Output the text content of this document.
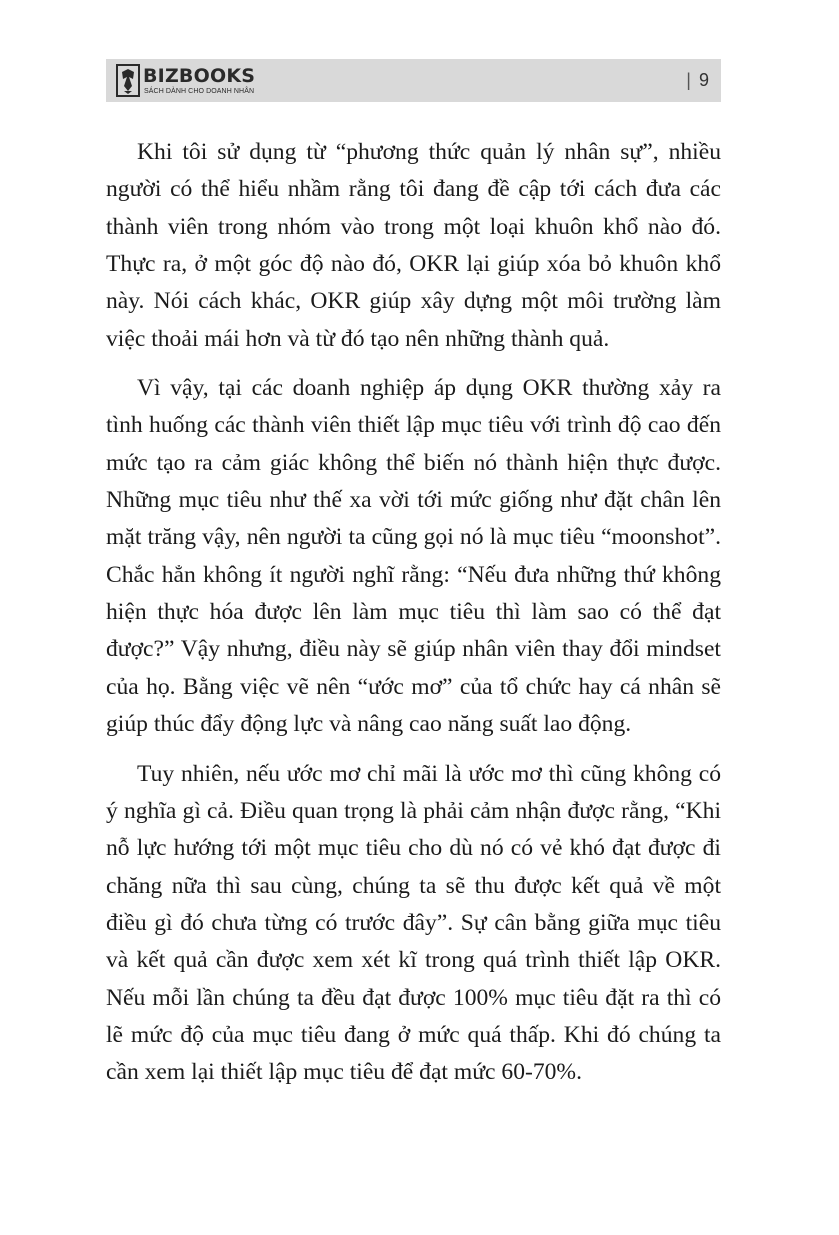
BIZBOOKS
SÁCH DÀNH CHO DOANH NHÂN
| 9

Khi tôi sử dụng từ “phương thức quản lý nhân sự”, nhiều người có thể hiểu nhầm rằng tôi đang đề cập tới cách đưa các thành viên trong nhóm vào trong một loại khuôn khổ nào đó. Thực ra, ở một góc độ nào đó, OKR lại giúp xóa bỏ khuôn khổ này. Nói cách khác, OKR giúp xây dựng một môi trường làm việc thoải mái hơn và từ đó tạo nên những thành quả.

Vì vậy, tại các doanh nghiệp áp dụng OKR thường xảy ra tình huống các thành viên thiết lập mục tiêu với trình độ cao đến mức tạo ra cảm giác không thể biến nó thành hiện thực được. Những mục tiêu như thế xa vời tới mức giống như đặt chân lên mặt trăng vậy, nên người ta cũng gọi nó là mục tiêu “moonshot”. Chắc hẳn không ít người nghĩ rằng: “Nếu đưa những thứ không hiện thực hóa được lên làm mục tiêu thì làm sao có thể đạt được?” Vậy nhưng, điều này sẽ giúp nhân viên thay đổi mindset của họ. Bằng việc vẽ nên “ước mơ” của tổ chức hay cá nhân sẽ giúp thúc đẩy động lực và nâng cao năng suất lao động.

Tuy nhiên, nếu ước mơ chỉ mãi là ước mơ thì cũng không có ý nghĩa gì cả. Điều quan trọng là phải cảm nhận được rằng, “Khi nỗ lực hướng tới một mục tiêu cho dù nó có vẻ khó đạt được đi chăng nữa thì sau cùng, chúng ta sẽ thu được kết quả về một điều gì đó chưa từng có trước đây”. Sự cân bằng giữa mục tiêu và kết quả cần được xem xét kĩ trong quá trình thiết lập OKR. Nếu mỗi lần chúng ta đều đạt được 100% mục tiêu đặt ra thì có lẽ mức độ của mục tiêu đang ở mức quá thấp. Khi đó chúng ta cần xem lại thiết lập mục tiêu để đạt mức 60-70%.
